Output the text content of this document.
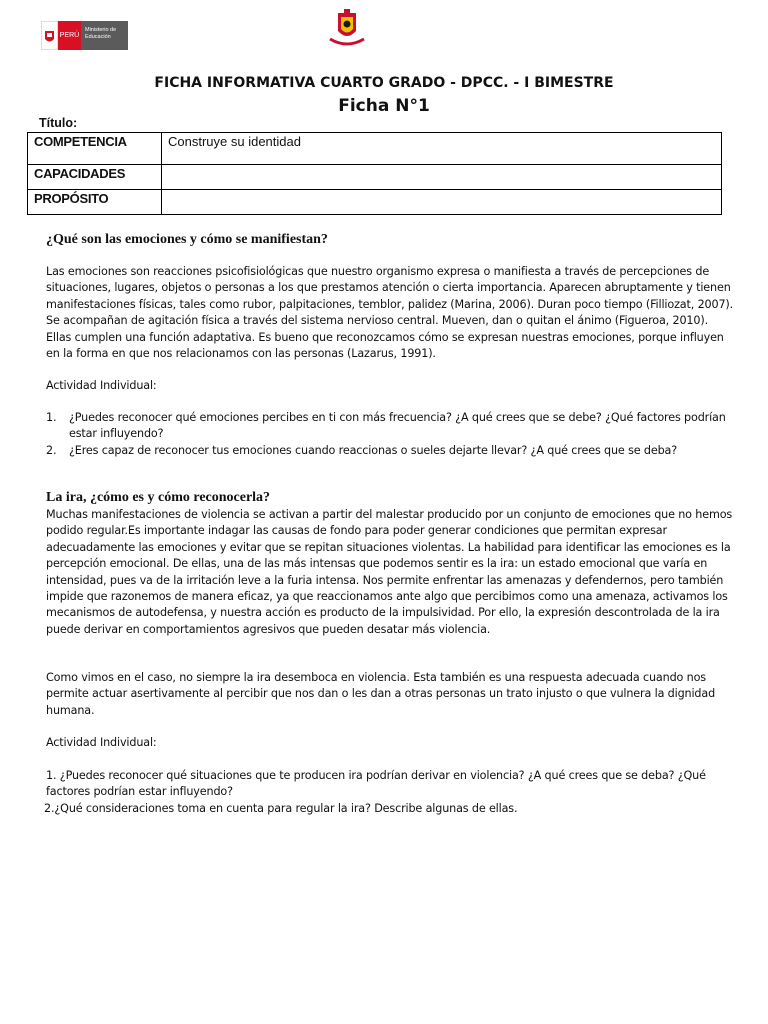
PERÚ
Ministerio de Educación
FICHA INFORMATIVA CUARTO GRADO - DPCC. - I BIMESTRE
Ficha N°1
Título:
COMPETENCIA	Construye su identidad
CAPACIDADES	
PROPÓSITO	
¿Qué son las emociones y cómo se manifiestan?
Las emociones son reacciones psicofisiológicas que nuestro organismo expresa o manifiesta a través de percepciones de situaciones, lugares, objetos o personas a los que prestamos atención o cierta importancia. Aparecen abruptamente y tienen manifestaciones físicas, tales como rubor, palpitaciones, temblor, palidez (Marina, 2006). Duran poco tiempo (Filliozat, 2007). Se acompañan de agitación física a través del sistema nervioso central. Mueven, dan o quitan el ánimo (Figueroa, 2010). Ellas cumplen una función adaptativa. Es bueno que reconozcamos cómo se expresan nuestras emociones, porque influyen en la forma en que nos relacionamos con las personas (Lazarus, 1991).
Actividad Individual:
1. ¿Puedes reconocer qué emociones percibes en ti con más frecuencia? ¿A qué crees que se debe? ¿Qué factores podrían estar influyendo?
2. ¿Eres capaz de reconocer tus emociones cuando reaccionas o sueles dejarte llevar? ¿A qué crees que se deba?
La ira, ¿cómo es y cómo reconocerla?
Muchas manifestaciones de violencia se activan a partir del malestar producido por un conjunto de emociones que no hemos podido regular.Es importante indagar las causas de fondo para poder generar condiciones que permitan expresar adecuadamente las emociones y evitar que se repitan situaciones violentas. La habilidad para identificar las emociones es la percepción emocional. De ellas, una de las más intensas que podemos sentir es la ira: un estado emocional que varía en intensidad, pues va de la irritación leve a la furia intensa. Nos permite enfrentar las amenazas y defendernos, pero también impide que razonemos de manera eficaz, ya que reaccionamos ante algo que percibimos como una amenaza, activamos los mecanismos de autodefensa, y nuestra acción es producto de la impulsividad. Por ello, la expresión descontrolada de la ira puede derivar en comportamientos agresivos que pueden desatar más violencia.
Como vimos en el caso, no siempre la ira desemboca en violencia. Esta también es una respuesta adecuada cuando nos permite actuar asertivamente al percibir que nos dan o les dan a otras personas un trato injusto o que vulnera la dignidad humana.
Actividad Individual:
1. ¿Puedes reconocer qué situaciones que te producen ira podrían derivar en violencia? ¿A qué crees que se deba? ¿Qué factores podrían estar influyendo?
2.¿Qué consideraciones toma en cuenta para regular la ira? Describe algunas de ellas.
